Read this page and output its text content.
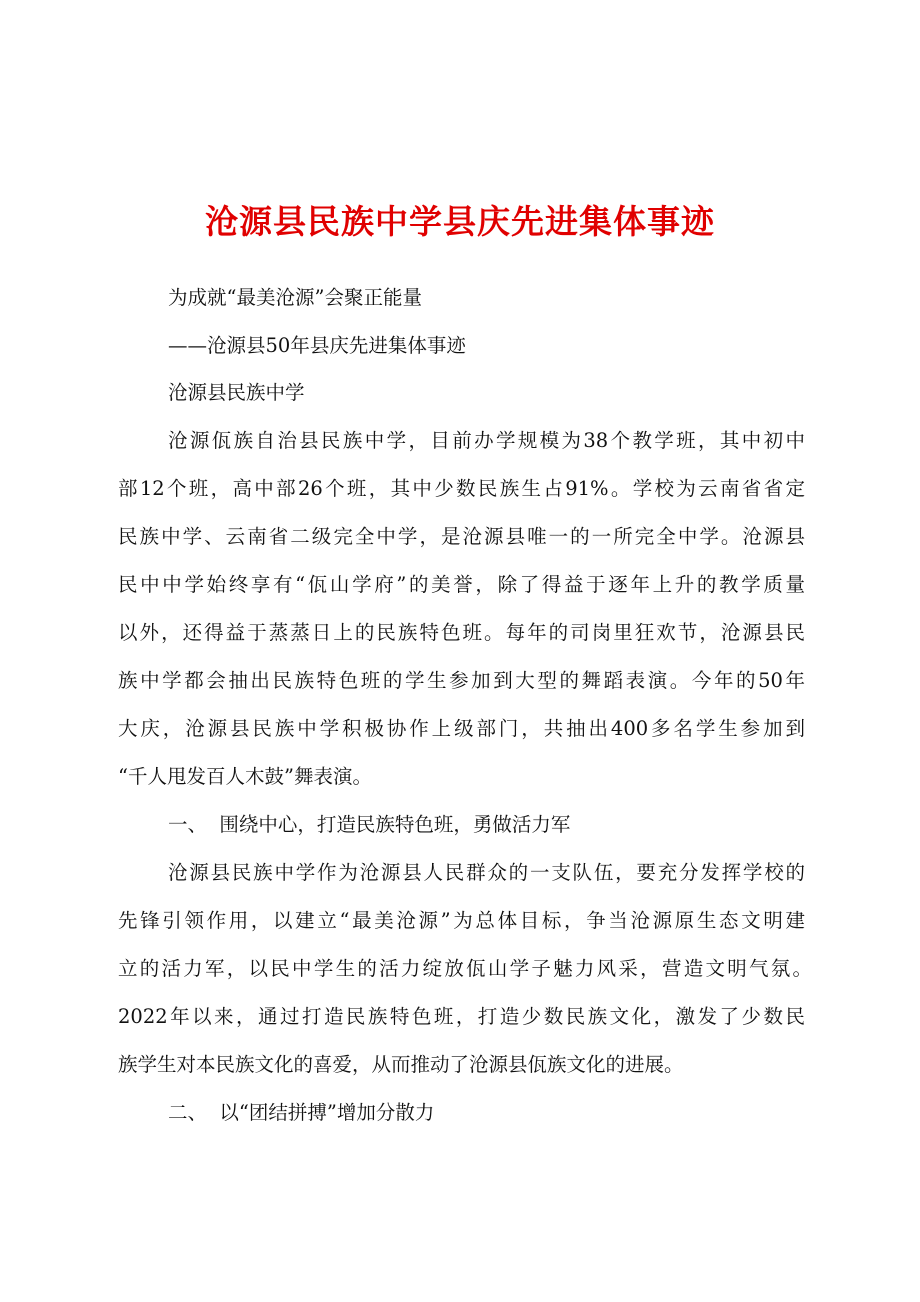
沧源县民族中学县庆先进集体事迹
为成就“最美沧源”会聚正能量
——沧源县50年县庆先进集体事迹
沧源县民族中学
沧源佤族自治县民族中学，目前办学规模为38个教学班，其中初中
部12个班，高中部26个班，其中少数民族生占91%。学校为云南省省定
民族中学、云南省二级完全中学，是沧源县唯一的一所完全中学。沧源县
民中中学始终享有“佤山学府”的美誉，除了得益于逐年上升的教学质量
以外，还得益于蒸蒸日上的民族特色班。每年的司岗里狂欢节，沧源县民
族中学都会抽出民族特色班的学生参加到大型的舞蹈表演。今年的50年
大庆，沧源县民族中学积极协作上级部门，共抽出400多名学生参加到
“千人甩发百人木鼓”舞表演。
一、  围绕中心，打造民族特色班，勇做活力军
沧源县民族中学作为沧源县人民群众的一支队伍，要充分发挥学校的
先锋引领作用，以建立“最美沧源”为总体目标，争当沧源原生态文明建
立的活力军，以民中学生的活力绽放佤山学子魅力风采，营造文明气氛。
2022年以来，通过打造民族特色班，打造少数民族文化，激发了少数民
族学生对本民族文化的喜爱，从而推动了沧源县佤族文化的进展。
二、  以“团结拼搏”增加分散力
